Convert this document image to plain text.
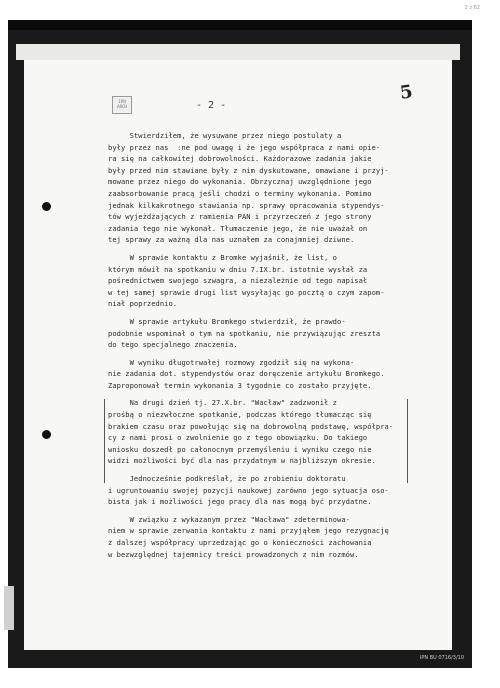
2 z 62
IPN BU 0716/3/10
IPN ARCH	- 2 -
5
Stwierdziłem, że wysuwane przez niego postulaty a
były przez nas  :ne pod uwagę i że jego współpraca z nami opie-
ra się na całkowitej dobrowolności. Każdorazowe zadania jakie
były przed nim stawiane były z nim dyskutowane, omawiane i przyj-
mowane przez niego do wykonania. Obrzycznaj uwzględnione jego
zaabsorbowanie pracą jeśli chodzi o terminy wykonania. Pomimo
jednak kilkakrotnego stawiania np. sprawy opracowania stypendys-
tów wyjeżdżających z ramienia PAN i przyrzeczeń z jego strony
zadania tego nie wykonał. Tłumaczenie jego, że nie uważał on
tej sprawy za ważną dla nas uznałem za conajmniej dziwne.
W sprawie kontaktu z Bromke wyjaśnił, że list, o
którym mówił na spotkaniu w dniu 7.IX.br. istotnie wysłał za
pośrednictwem swojego szwagra, a niezależnie od tego napisał
w tej samej sprawie drugi list wysyłając go pocztą o czym zapom-
niał poprzednio.
W sprawie artykułu Bromkego stwierdził, że prawdo-
podobnie wspominał o tym na spotkaniu, nie przywiązując zreszta
do tego specjalnego znaczenia.
W wyniku długotrwałej rozmowy zgodził się na wykona-
nie zadania dot. stypendystów oraz doręczenie artykułu Bromkego.
Zaproponował termin wykonania 3 tygodnie co zostało przyjęte.
Na drugi dzień tj. 27.X.br. "Wacław" zadzwonił z
prośbą o niezwłoczne spotkanie, podczas którego tłumacząc się
brakiem czasu oraz powołując się na dobrowolną podstawę, współpra-
cy z nami prosi o zwolnienie go z tego obowiązku. Do takiego
wniosku doszedł po całonocnym przemyśleniu i wyniku czego nie
widzi możliwości być dla nas przydatnym w najbliższym okresie.
Jednocześnie podkreślał, że po zrobieniu doktoratu
i ugruntowaniu swojej pozycji naukowej zarówno jego sytuacja oso-
bista jak i możliwości jego pracy dla nas mogą być przydatne.
W związku z wykazanym przez "Wacława" zdeterminowa-
niem w sprawie zerwania kontaktu z nami przyjąłem jego rezygnację
z dalszej współpracy uprzedzając go o konieczności zachowania
w bezwzględnej tajemnicy treści prowadzonych z nim rozmów.
